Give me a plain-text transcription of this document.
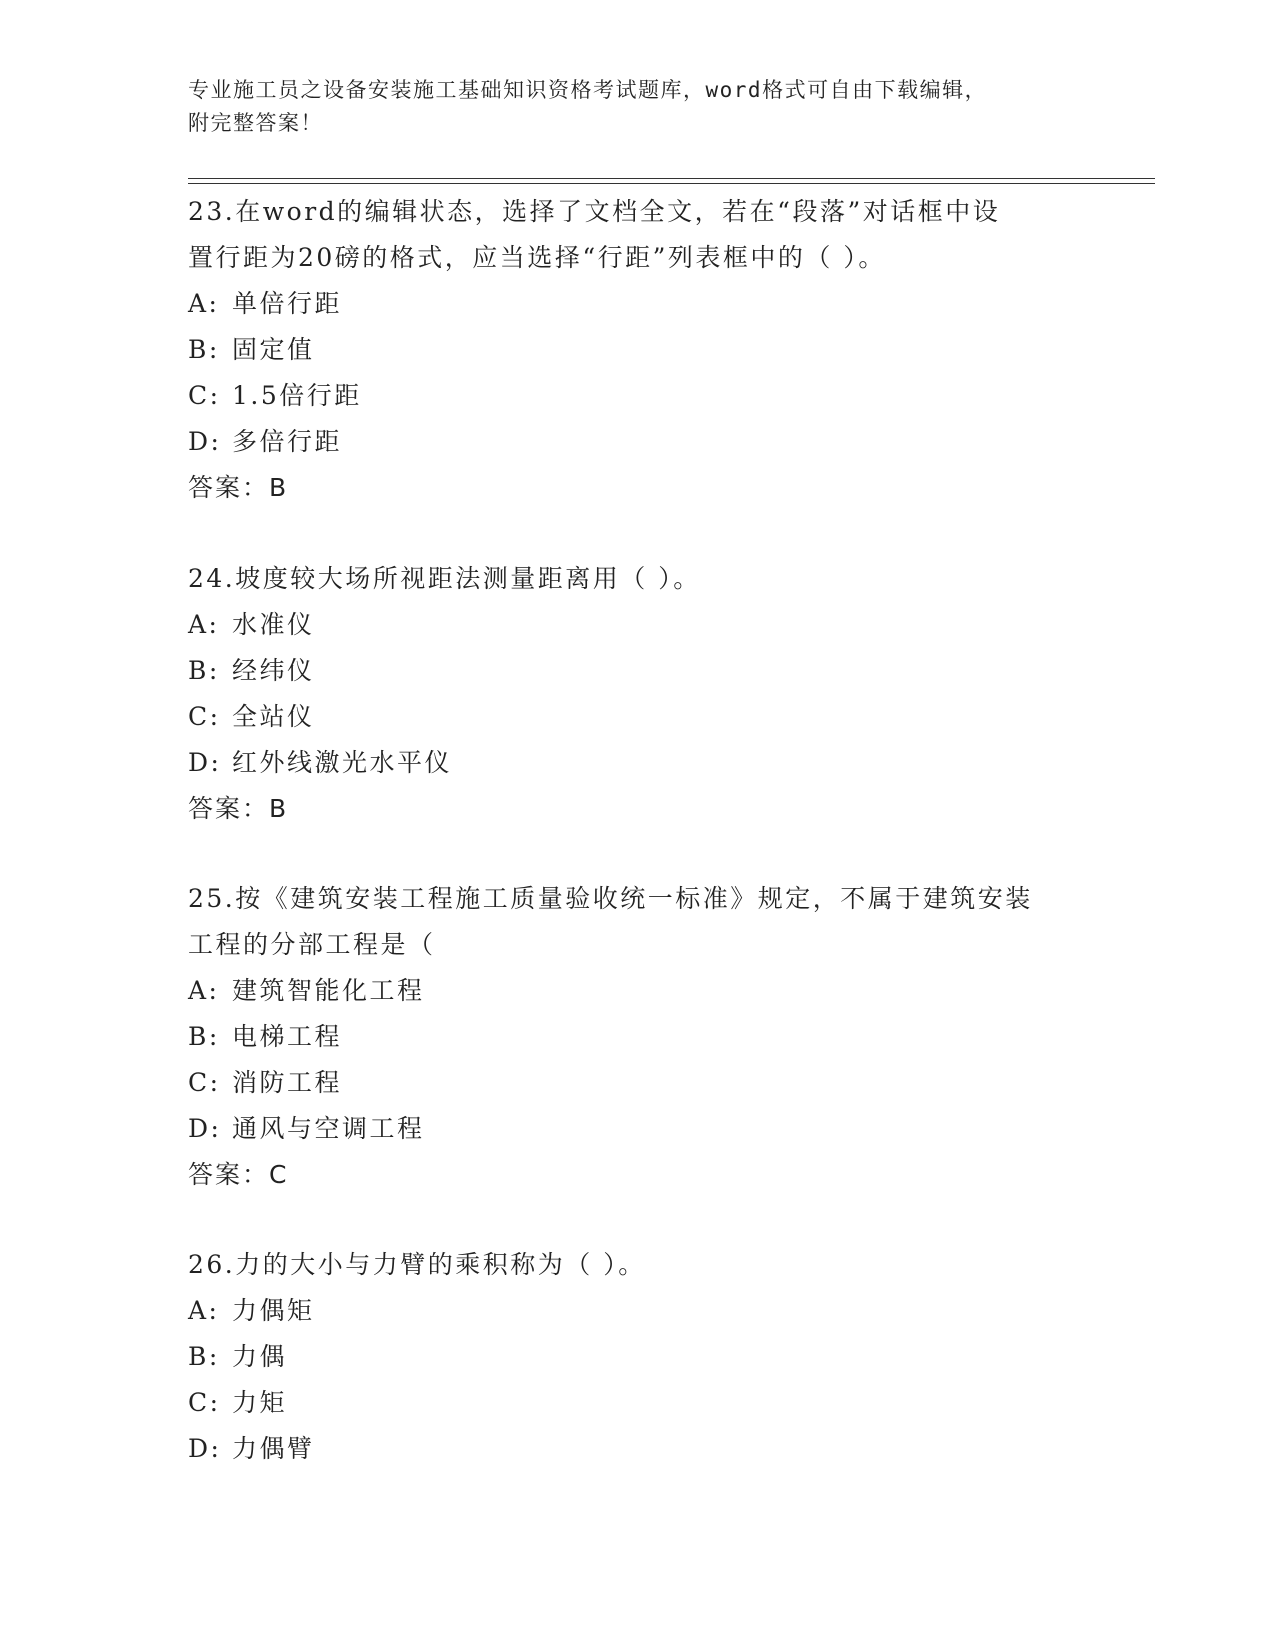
专业施工员之设备安装施工基础知识资格考试题库，word格式可自由下载编辑，
附完整答案！
23.在word的编辑状态，选择了文档全文，若在“段落”对话框中设
置行距为20磅的格式，应当选择“行距”列表框中的（ ）。
A: 单倍行距
B: 固定值
C: 1.5倍行距
D: 多倍行距
答案：B
24.坡度较大场所视距法测量距离用（ ）。
A: 水准仪
B: 经纬仪
C: 全站仪
D: 红外线激光水平仪
答案：B
25.按《建筑安装工程施工质量验收统一标准》规定，不属于建筑安装
工程的分部工程是（
A: 建筑智能化工程
B: 电梯工程
C: 消防工程
D: 通风与空调工程
答案：C
26.力的大小与力臂的乘积称为（ ）。
A: 力偶矩
B: 力偶
C: 力矩
D: 力偶臂
